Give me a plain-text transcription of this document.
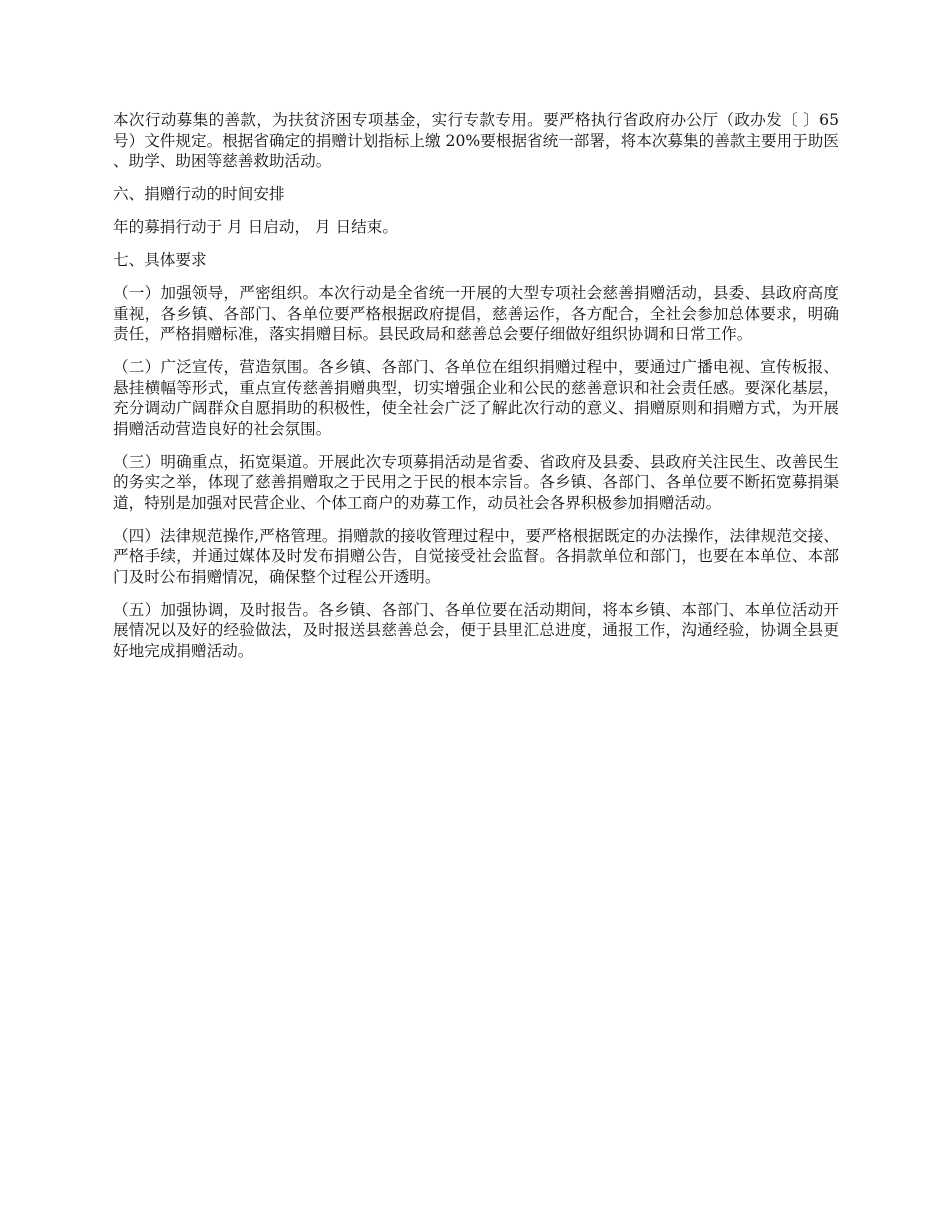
本次行动募集的善款，为扶贫济困专项基金，实行专款专用。要严格执行省政府办公厅（政办发〔 〕65 号）文件规定。根据省确定的捐赠计划指标上缴 20%要根据省统一部署，将本次募集的善款主要用于助医、助学、助困等慈善救助活动。

六、捐赠行动的时间安排

年的募捐行动于 月 日启动， 月 日结束。

七、具体要求

（一）加强领导，严密组织。本次行动是全省统一开展的大型专项社会慈善捐赠活动，县委、县政府高度重视，各乡镇、各部门、各单位要严格根据政府提倡，慈善运作，各方配合，全社会参加总体要求，明确责任，严格捐赠标准，落实捐赠目标。县民政局和慈善总会要仔细做好组织协调和日常工作。

（二）广泛宣传，营造氛围。各乡镇、各部门、各单位在组织捐赠过程中，要通过广播电视、宣传板报、悬挂横幅等形式，重点宣传慈善捐赠典型，切实增强企业和公民的慈善意识和社会责任感。要深化基层，充分调动广阔群众自愿捐助的积极性，使全社会广泛了解此次行动的意义、捐赠原则和捐赠方式，为开展捐赠活动营造良好的社会氛围。

（三）明确重点，拓宽渠道。开展此次专项募捐活动是省委、省政府及县委、县政府关注民生、改善民生的务实之举，体现了慈善捐赠取之于民用之于民的根本宗旨。各乡镇、各部门、各单位要不断拓宽募捐渠道，特别是加强对民营企业、个体工商户的劝募工作，动员社会各界积极参加捐赠活动。

（四）法律规范操作,严格管理。捐赠款的接收管理过程中，要严格根据既定的办法操作，法律规范交接、严格手续，并通过媒体及时发布捐赠公告，自觉接受社会监督。各捐款单位和部门，也要在本单位、本部门及时公布捐赠情况，确保整个过程公开透明。

（五）加强协调，及时报告。各乡镇、各部门、各单位要在活动期间，将本乡镇、本部门、本单位活动开展情况以及好的经验做法，及时报送县慈善总会，便于县里汇总进度，通报工作，沟通经验，协调全县更好地完成捐赠活动。
